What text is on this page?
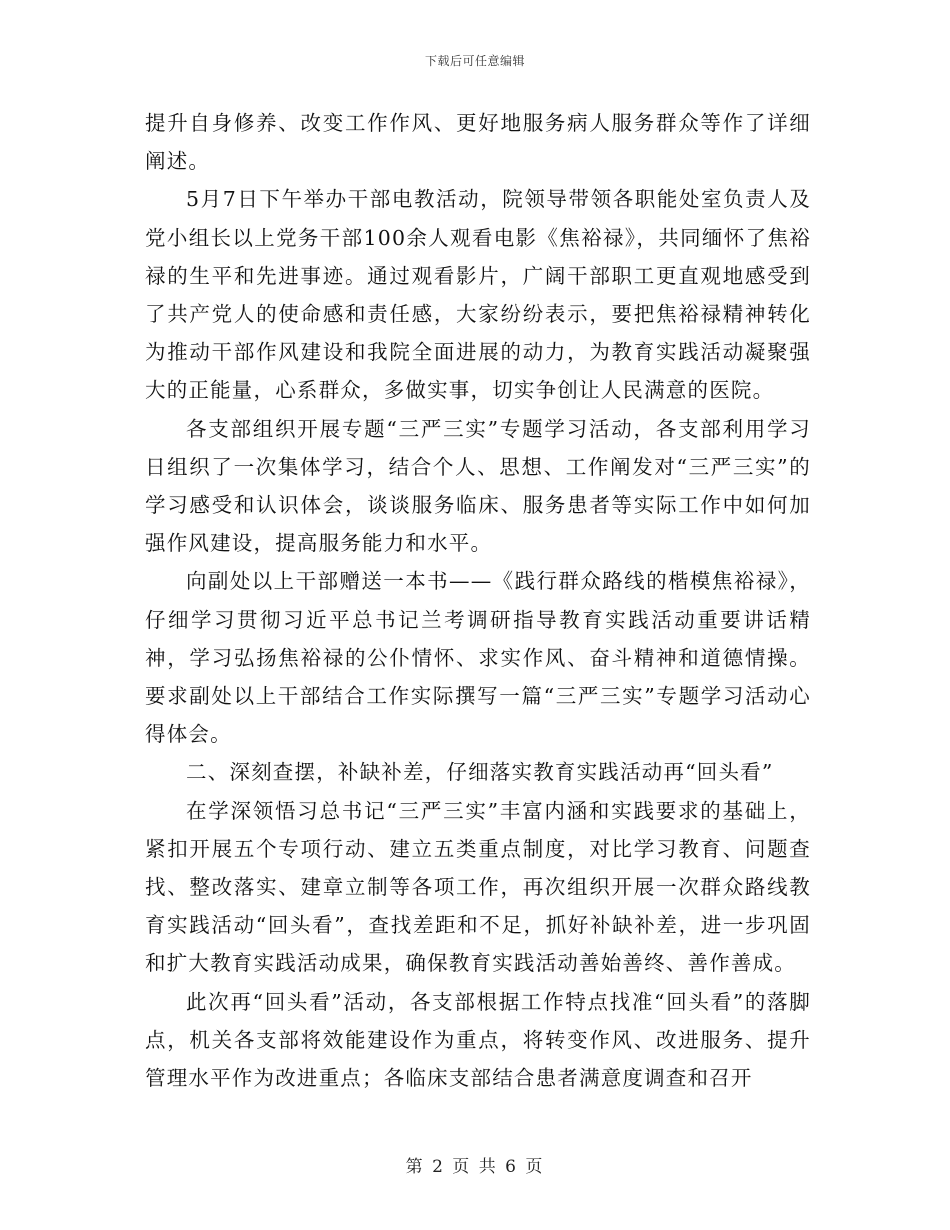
下载后可任意编辑

提升自身修养、改变工作作风、更好地服务病人服务群众等作了详细阐述。

5月7日下午举办干部电教活动，院领导带领各职能处室负责人及党小组长以上党务干部100余人观看电影《焦裕禄》，共同缅怀了焦裕禄的生平和先进事迹。通过观看影片，广阔干部职工更直观地感受到了共产党人的使命感和责任感，大家纷纷表示，要把焦裕禄精神转化为推动干部作风建设和我院全面进展的动力，为教育实践活动凝聚强大的正能量，心系群众，多做实事，切实争创让人民满意的医院。

各支部组织开展专题“三严三实”专题学习活动，各支部利用学习日组织了一次集体学习，结合个人、思想、工作阐发对“三严三实”的学习感受和认识体会，谈谈服务临床、服务患者等实际工作中如何加强作风建设，提高服务能力和水平。

向副处以上干部赠送一本书——《践行群众路线的楷模焦裕禄》，仔细学习贯彻习近平总书记兰考调研指导教育实践活动重要讲话精神，学习弘扬焦裕禄的公仆情怀、求实作风、奋斗精神和道德情操。要求副处以上干部结合工作实际撰写一篇“三严三实”专题学习活动心得体会。

二、深刻查摆，补缺补差，仔细落实教育实践活动再“回头看”

在学深领悟习总书记“三严三实”丰富内涵和实践要求的基础上，紧扣开展五个专项行动、建立五类重点制度，对比学习教育、问题查找、整改落实、建章立制等各项工作，再次组织开展一次群众路线教育实践活动“回头看”，查找差距和不足，抓好补缺补差，进一步巩固和扩大教育实践活动成果，确保教育实践活动善始善终、善作善成。

此次再“回头看”活动，各支部根据工作特点找准“回头看”的落脚点，机关各支部将效能建设作为重点，将转变作风、改进服务、提升管理水平作为改进重点；各临床支部结合患者满意度调查和召开

第 2 页 共 6 页
